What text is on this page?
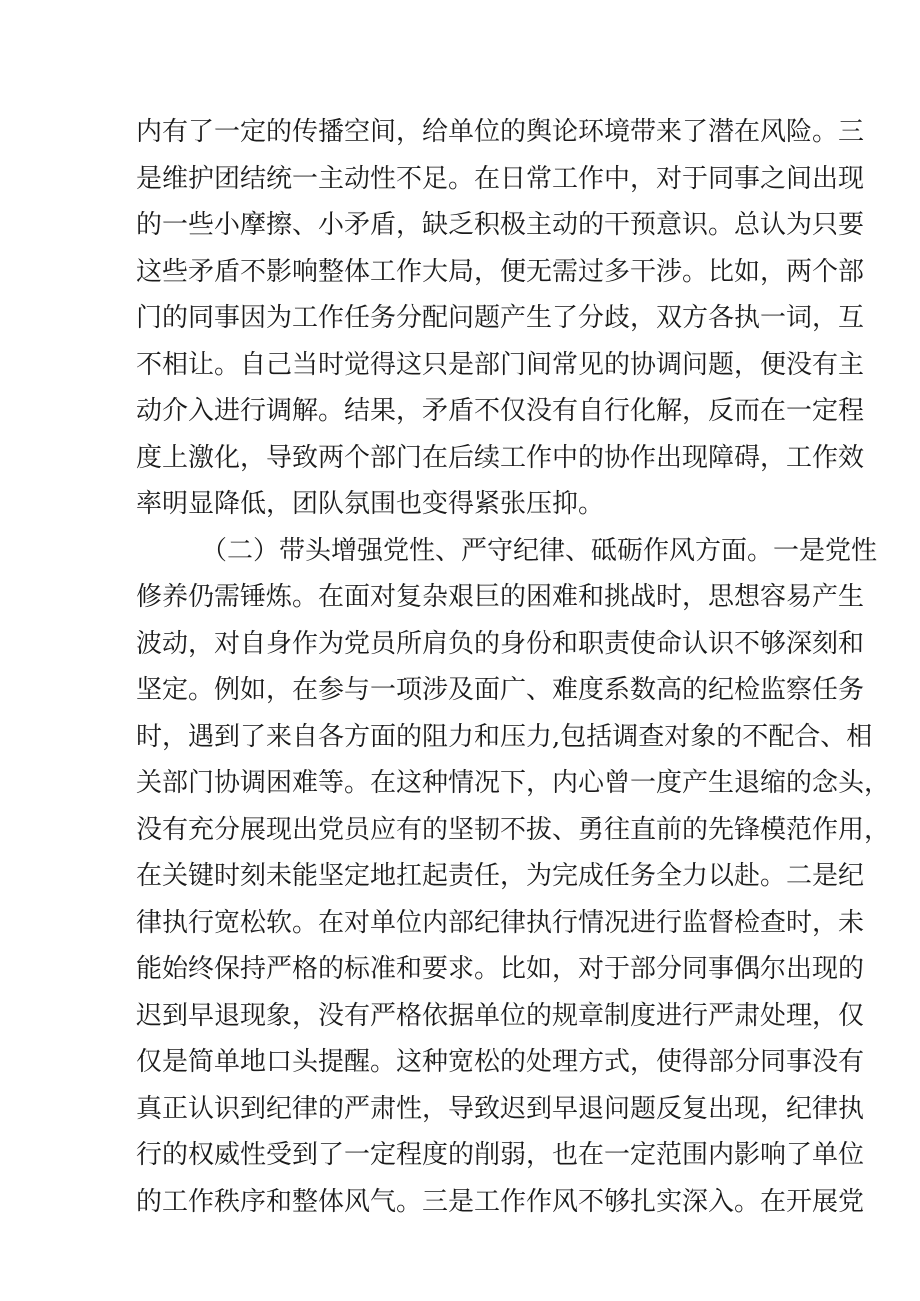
内有了一定的传播空间，给单位的舆论环境带来了潜在风险。三
是维护团结统一主动性不足。在日常工作中，对于同事之间出现
的一些小摩擦、小矛盾，缺乏积极主动的干预意识。总认为只要
这些矛盾不影响整体工作大局，便无需过多干涉。比如，两个部
门的同事因为工作任务分配问题产生了分歧，双方各执一词，互
不相让。自己当时觉得这只是部门间常见的协调问题，便没有主
动介入进行调解。结果，矛盾不仅没有自行化解，反而在一定程
度上激化，导致两个部门在后续工作中的协作出现障碍，工作效
率明显降低，团队氛围也变得紧张压抑。
（二）带头增强党性、严守纪律、砥砺作风方面。一是党性
修养仍需锤炼。在面对复杂艰巨的困难和挑战时，思想容易产生
波动，对自身作为党员所肩负的身份和职责使命认识不够深刻和
坚定。例如，在参与一项涉及面广、难度系数高的纪检监察任务
时，遇到了来自各方面的阻力和压力,包括调查对象的不配合、相
关部门协调困难等。在这种情况下，内心曾一度产生退缩的念头，
没有充分展现出党员应有的坚韧不拔、勇往直前的先锋模范作用，
在关键时刻未能坚定地扛起责任，为完成任务全力以赴。二是纪
律执行宽松软。在对单位内部纪律执行情况进行监督检查时，未
能始终保持严格的标准和要求。比如，对于部分同事偶尔出现的
迟到早退现象，没有严格依据单位的规章制度进行严肃处理，仅
仅是简单地口头提醒。这种宽松的处理方式，使得部分同事没有
真正认识到纪律的严肃性，导致迟到早退问题反复出现，纪律执
行的权威性受到了一定程度的削弱，也在一定范围内影响了单位
的工作秩序和整体风气。三是工作作风不够扎实深入。在开展党
